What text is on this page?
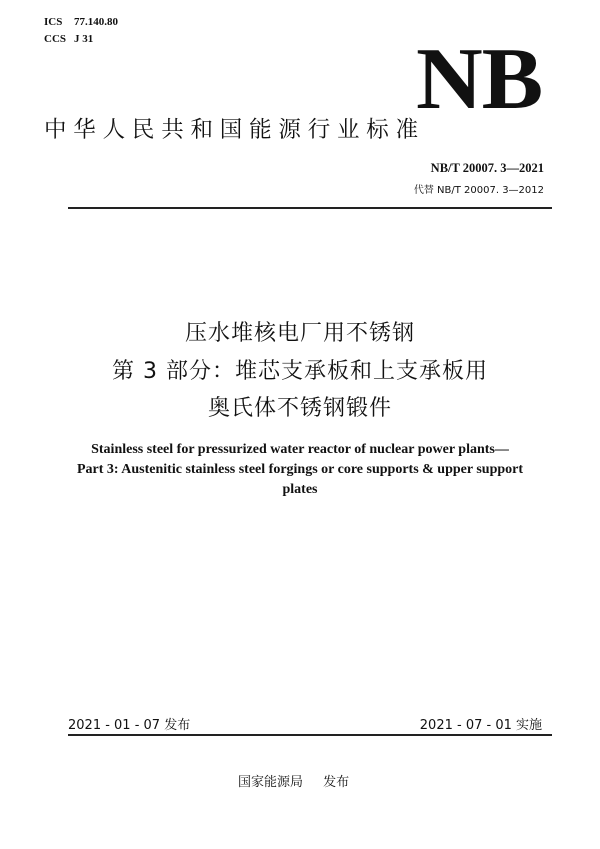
ICS 77.140.80
CCS J 31	NB
中华人民共和国能源行业标准
NB/T 20007. 3—2021
代替 NB/T 20007. 3—2012
压水堆核电厂用不锈钢
第 3 部分：堆芯支承板和上支承板用
奥氏体不锈钢锻件
Stainless steel for pressurized water reactor of nuclear power plants—
Part 3: Austenitic stainless steel forgings or core supports & upper support
plates
2021 - 01 - 07 发布	2021 - 07 - 01 实施
国家能源局 发布
